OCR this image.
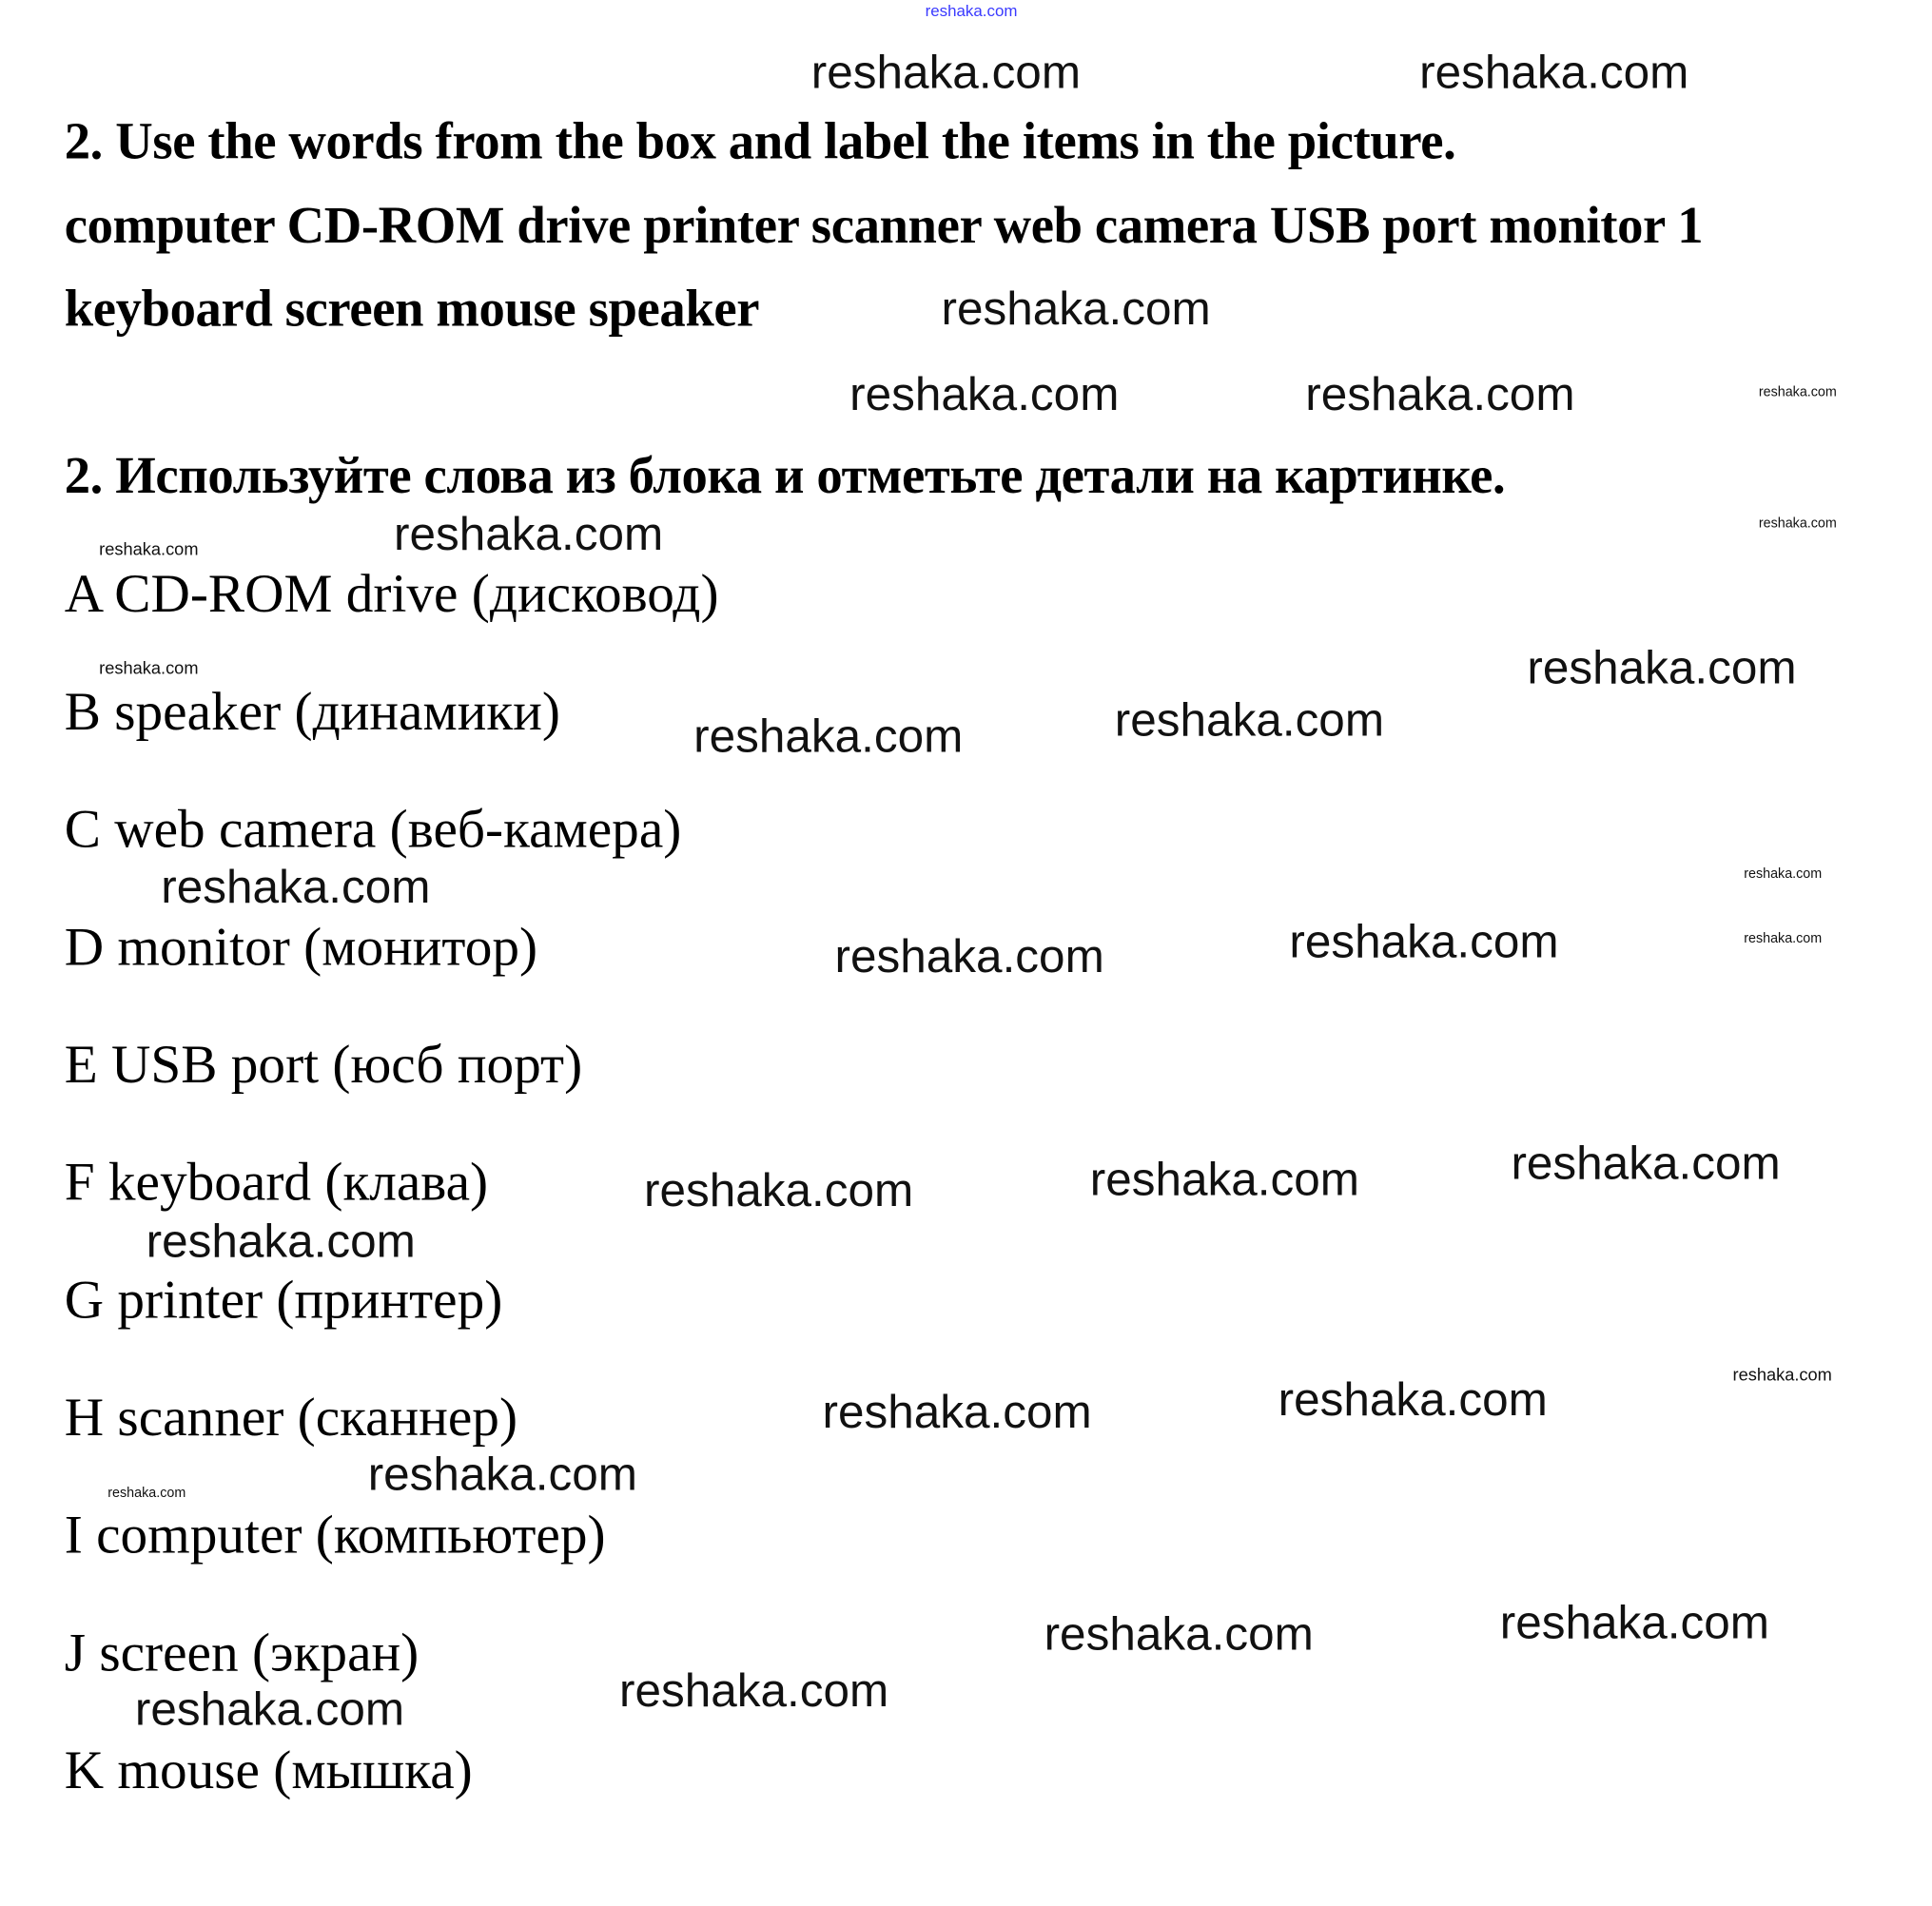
reshaka.com
2. Use the words from the box and label the items in the picture.
computer CD-ROM drive printer scanner web camera USB port monitor 1
keyboard screen mouse speaker
2. Используйте слова из блока и отметьте детали на картинке.
A CD-ROM drive (дисковод)
B speaker (динамики)
C web camera (веб-камера)
D monitor (монитор)
E USB port (юсб порт)
F keyboard (клава)
G printer (принтер)
H scanner (сканнер)
I computer (компьютер)
J screen (экран)
K mouse (мышка)
reshaka.com	reshaka.com
reshaka.com
reshaka.com	reshaka.com
reshaka.com
reshaka.com
reshaka.com	reshaka.com
reshaka.com
reshaka.com	reshaka.com
reshaka.com	reshaka.com	reshaka.com
reshaka.com
reshaka.com	reshaka.com
reshaka.com
reshaka.com	reshaka.com
reshaka.com
reshaka.com
reshaka.com
reshaka.com
reshaka.com
reshaka.com
reshaka.com
reshaka.com
reshaka.com
reshaka.com
